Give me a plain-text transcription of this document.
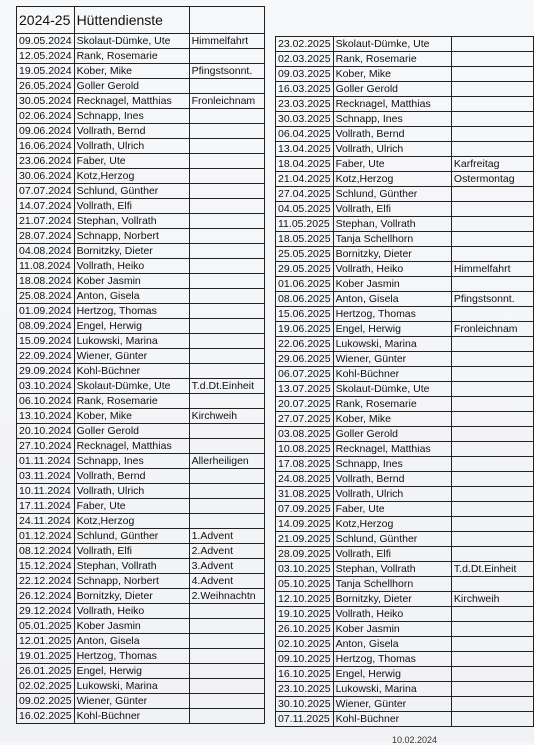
2024-25	Hüttendienste	
09.05.2024	Skolaut-Dümke, Ute	Himmelfahrt
12.05.2024	Rank, Rosemarie	
19.05.2024	Kober, Mike	Pfingstsonnt.
26.05.2024	Goller Gerold	
30.05.2024	Recknagel, Matthias	Fronleichnam
02.06.2024	Schnapp, Ines	
09.06.2024	Vollrath, Bernd	
16.06.2024	Vollrath, Ulrich	
23.06.2024	Faber, Ute	
30.06.2024	Kotz,Herzog	
07.07.2024	Schlund, Günther	
14.07.2024	Vollrath, Elfi	
21.07.2024	Stephan, Vollrath	
28.07.2024	Schnapp, Norbert	
04.08.2024	Bornitzky, Dieter	
11.08.2024	Vollrath, Heiko	
18.08.2024	Kober Jasmin	
25.08.2024	Anton, Gisela	
01.09.2024	Hertzog, Thomas	
08.09.2024	Engel, Herwig	
15.09.2024	Lukowski, Marina	
22.09.2024	Wiener, Günter	
29.09.2024	Kohl-Büchner	
03.10.2024	Skolaut-Dümke, Ute	T.d.Dt.Einheit
06.10.2024	Rank, Rosemarie	
13.10.2024	Kober, Mike	Kirchweih
20.10.2024	Goller Gerold	
27.10.2024	Recknagel, Matthias	
01.11.2024	Schnapp, Ines	Allerheiligen
03.11.2024	Vollrath, Bernd	
10.11.2024	Vollrath, Ulrich	
17.11.2024	Faber, Ute	
24.11.2024	Kotz,Herzog	
01.12.2024	Schlund, Günther	1.Advent
08.12.2024	Vollrath, Elfi	2.Advent
15.12.2024	Stephan, Vollrath	3.Advent
22.12.2024	Schnapp, Norbert	4.Advent
26.12.2024	Bornitzky, Dieter	2.Weihnachtn
29.12.2024	Vollrath, Heiko	
05.01.2025	Kober Jasmin	
12.01.2025	Anton, Gisela	
19.01.2025	Hertzog, Thomas	
26.01.2025	Engel, Herwig	
02.02.2025	Lukowski, Marina	
09.02.2025	Wiener, Günter	
16.02.2025	Kohl-Büchner	
23.02.2025	Skolaut-Dümke, Ute	
02.03.2025	Rank, Rosemarie	
09.03.2025	Kober, Mike	
16.03.2025	Goller Gerold	
23.03.2025	Recknagel, Matthias	
30.03.2025	Schnapp, Ines	
06.04.2025	Vollrath, Bernd	
13.04.2025	Vollrath, Ulrich	
18.04.2025	Faber, Ute	Karfreitag
21.04.2025	Kotz,Herzog	Ostermontag
27.04.2025	Schlund, Günther	
04.05.2025	Vollrath, Elfi	
11.05.2025	Stephan, Vollrath	
18.05.2025	Tanja Schellhorn	
25.05.2025	Bornitzky, Dieter	
29.05.2025	Vollrath, Heiko	Himmelfahrt
01.06.2025	Kober Jasmin	
08.06.2025	Anton, Gisela	Pfingstsonnt.
15.06.2025	Hertzog, Thomas	
19.06.2025	Engel, Herwig	Fronleichnam
22.06.2025	Lukowski, Marina	
29.06.2025	Wiener, Günter	
06.07.2025	Kohl-Büchner	
13.07.2025	Skolaut-Dümke, Ute	
20.07.2025	Rank, Rosemarie	
27.07.2025	Kober, Mike	
03.08.2025	Goller Gerold	
10.08.2025	Recknagel, Matthias	
17.08.2025	Schnapp, Ines	
24.08.2025	Vollrath, Bernd	
31.08.2025	Vollrath, Ulrich	
07.09.2025	Faber, Ute	
14.09.2025	Kotz,Herzog	
21.09.2025	Schlund, Günther	
28.09.2025	Vollrath, Elfi	
03.10.2025	Stephan, Vollrath	T.d.Dt.Einheit
05.10.2025	Tanja Schellhorn	
12.10.2025	Bornitzky, Dieter	Kirchweih
19.10.2025	Vollrath, Heiko	
26.10.2025	Kober Jasmin	
02.10.2025	Anton, Gisela	
09.10.2025	Hertzog, Thomas	
16.10.2025	Engel, Herwig	
23.10.2025	Lukowski, Marina	
30.10.2025	Wiener, Günter	
07.11.2025	Kohl-Büchner	
10.02.2024
